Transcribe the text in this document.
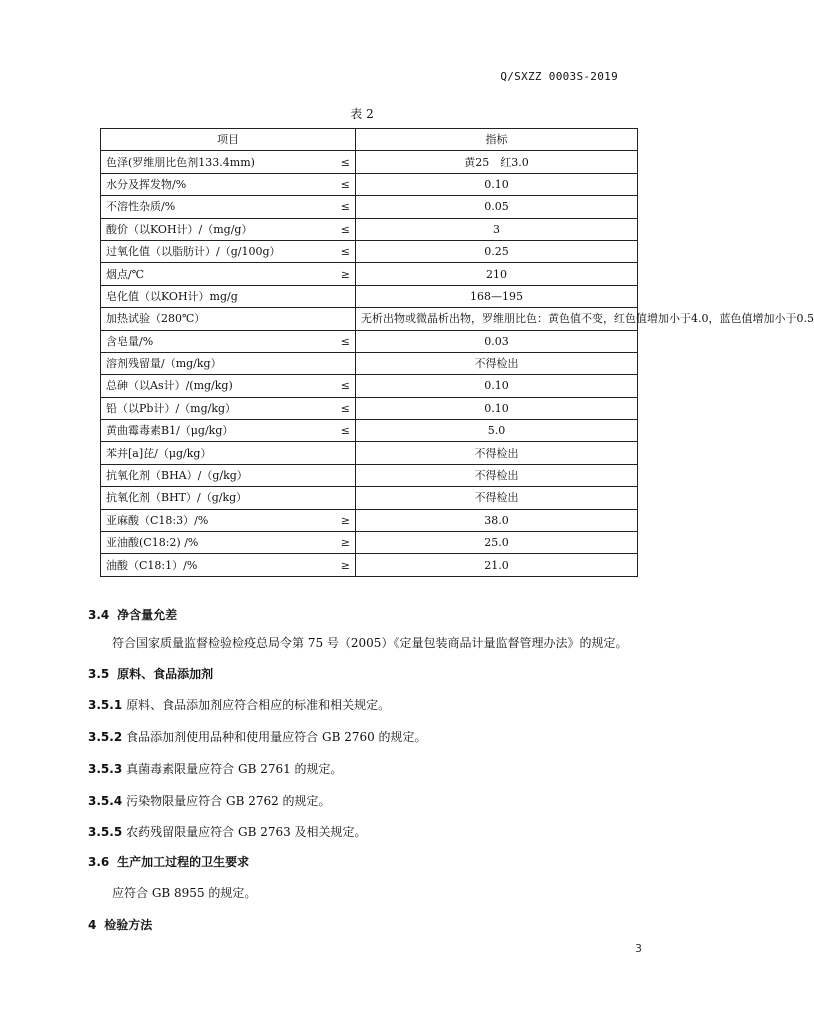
Q/SXZZ 0003S-2019
表 2
项目		指标
色泽(罗维朋比色剂133.4mm)	≤	黄25　红3.0
水分及挥发物/%	≤	0.10
不溶性杂质/%	≤	0.05
酸价（以KOH计）/（mg/g）	≤	3
过氧化值（以脂肪计）/（g/100g）	≤	0.25
烟点/℃	≥	210
皂化值（以KOH计）mg/g		168—195
加热试验（280℃）		无析出物或微晶析出物，罗维朋比色：黄色值不变，红色值增加小于4.0，蓝色值增加小于0.5
含皂量/%	≤	0.03
溶剂残留量/（mg/kg）		不得检出
总砷（以As计）/(mg/kg)	≤	0.10
铅（以Pb计）/（mg/kg）	≤	0.10
黄曲霉毒素B1/（μg/kg）	≤	5.0
苯并[a]芘/（μg/kg）		不得检出
抗氧化剂（BHA）/（g/kg）		不得检出
抗氧化剂（BHT）/（g/kg）		不得检出
亚麻酸（C18:3）/%	≥	38.0
亚油酸(C18:2) /%	≥	25.0
油酸（C18:1）/%	≥	21.0
3.4 净含量允差
符合国家质量监督检验检疫总局令第 75 号（2005）《定量包装商品计量监督管理办法》的规定。
3.5 原料、食品添加剂
3.5.1 原料、食品添加剂应符合相应的标准和相关规定。
3.5.2 食品添加剂使用品种和使用量应符合 GB 2760 的规定。
3.5.3 真菌毒素限量应符合 GB 2761 的规定。
3.5.4 污染物限量应符合 GB 2762 的规定。
3.5.5 农药残留限量应符合 GB 2763 及相关规定。
3.6 生产加工过程的卫生要求
应符合 GB 8955 的规定。
4 检验方法
3
